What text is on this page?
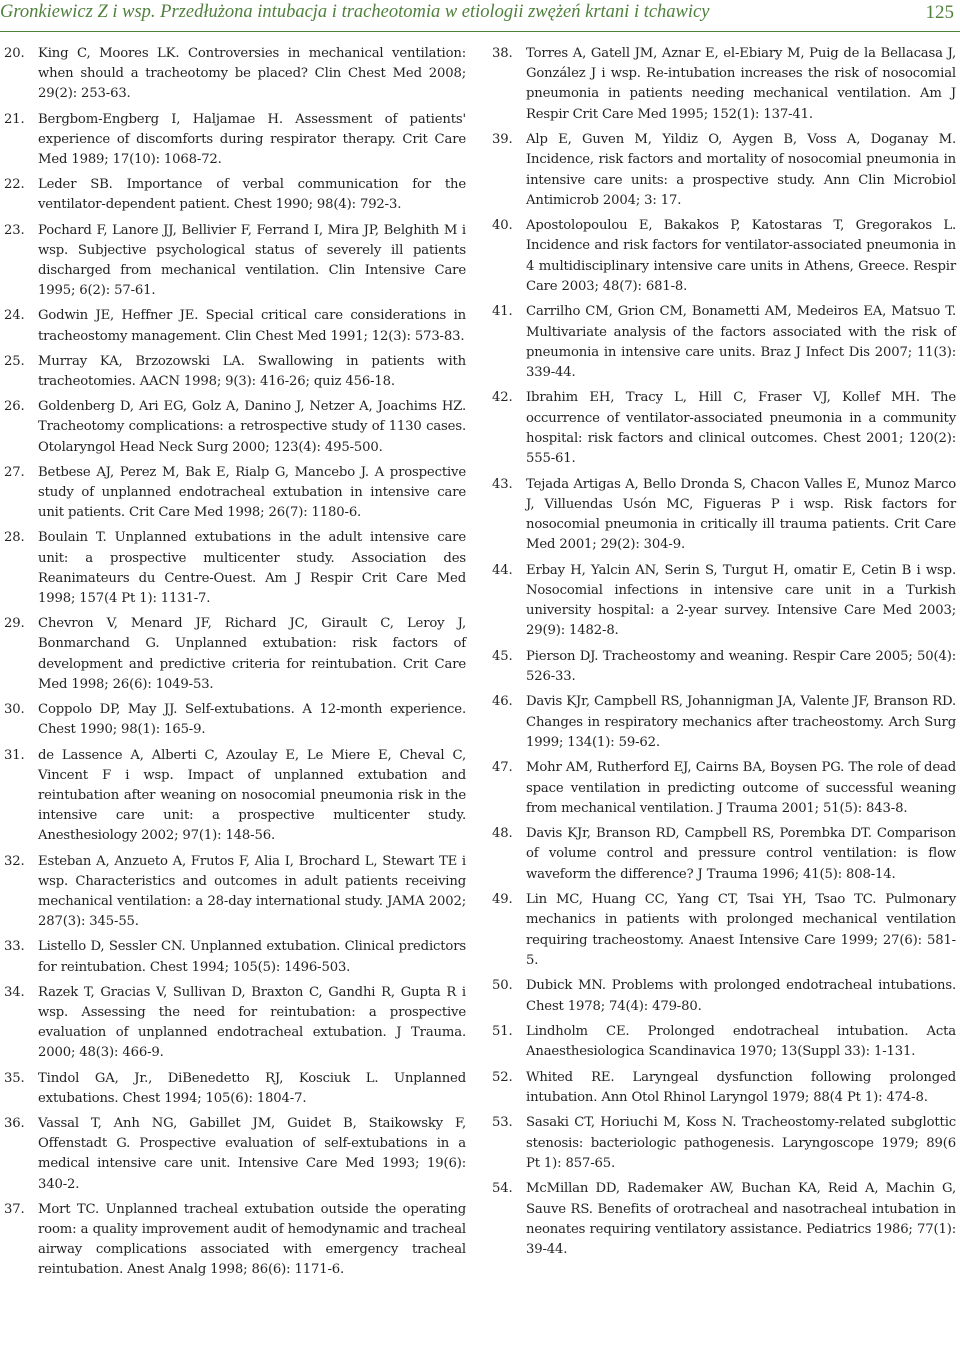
Gronkiewicz Z i wsp. Przedłużona intubacja i tracheotomia w etiologii zwężeń krtani i tchawicy	125

20. King C, Moores LK. Controversies in mechanical ventilation: when should a tracheotomy be placed? Clin Chest Med 2008; 29(2): 253-63.

21. Bergbom-Engberg I, Haljamae H. Assessment of patients' experience of discomforts during respirator therapy. Crit Care Med 1989; 17(10): 1068-72.

22. Leder SB. Importance of verbal communication for the ventilator-dependent patient. Chest 1990; 98(4): 792-3.

23. Pochard F, Lanore JJ, Bellivier F, Ferrand I, Mira JP, Belghith M i wsp. Subjective psychological status of severely ill patients discharged from mechanical ventilation. Clin Intensive Care 1995; 6(2): 57-61.

24. Godwin JE, Heffner JE. Special critical care considerations in tracheostomy management. Clin Chest Med 1991; 12(3): 573-83.

25. Murray KA, Brzozowski LA. Swallowing in patients with tracheotomies. AACN 1998; 9(3): 416-26; quiz 456-18.

26. Goldenberg D, Ari EG, Golz A, Danino J, Netzer A, Joachims HZ. Tracheotomy complications: a retrospective study of 1130 cases. Otolaryngol Head Neck Surg 2000; 123(4): 495-500.

27. Betbese AJ, Perez M, Bak E, Rialp G, Mancebo J. A prospective study of unplanned endotracheal extubation in intensive care unit patients. Crit Care Med 1998; 26(7): 1180-6.

28. Boulain T. Unplanned extubations in the adult intensive care unit: a prospective multicenter study. Association des Reanimateurs du Centre-Ouest. Am J Respir Crit Care Med 1998; 157(4 Pt 1): 1131-7.

29. Chevron V, Menard JF, Richard JC, Girault C, Leroy J, Bonmarchand G. Unplanned extubation: risk factors of development and predictive criteria for reintubation. Crit Care Med 1998; 26(6): 1049-53.

30. Coppolo DP, May JJ. Self-extubations. A 12-month experience. Chest 1990; 98(1): 165-9.

31. de Lassence A, Alberti C, Azoulay E, Le Miere E, Cheval C, Vincent F i wsp. Impact of unplanned extubation and reintubation after weaning on nosocomial pneumonia risk in the intensive care unit: a prospective multicenter study. Anesthesiology 2002; 97(1): 148-56.

32. Esteban A, Anzueto A, Frutos F, Alia I, Brochard L, Stewart TE i wsp. Characteristics and outcomes in adult patients receiving mechanical ventilation: a 28-day international study. JAMA 2002; 287(3): 345-55.

33. Listello D, Sessler CN. Unplanned extubation. Clinical predictors for reintubation. Chest 1994; 105(5): 1496-503.

34. Razek T, Gracias V, Sullivan D, Braxton C, Gandhi R, Gupta R i wsp. Assessing the need for reintubation: a prospective evaluation of unplanned endotracheal extubation. J Trauma. 2000; 48(3): 466-9.

35. Tindol GA, Jr., DiBenedetto RJ, Kosciuk L. Unplanned extubations. Chest 1994; 105(6): 1804-7.

36. Vassal T, Anh NG, Gabillet JM, Guidet B, Staikowsky F, Offenstadt G. Prospective evaluation of self-extubations in a medical intensive care unit. Intensive Care Med 1993; 19(6): 340-2.

37. Mort TC. Unplanned tracheal extubation outside the operating room: a quality improvement audit of hemodynamic and tracheal airway complications associated with emergency tracheal reintubation. Anest Analg 1998; 86(6): 1171-6.

38. Torres A, Gatell JM, Aznar E, el-Ebiary M, Puig de la Bellacasa J, González J i wsp. Re-intubation increases the risk of nosocomial pneumonia in patients needing mechanical ventilation. Am J Respir Crit Care Med 1995; 152(1): 137-41.

39. Alp E, Guven M, Yildiz O, Aygen B, Voss A, Doganay M. Incidence, risk factors and mortality of nosocomial pneumonia in intensive care units: a prospective study. Ann Clin Microbiol Antimicrob 2004; 3: 17.

40. Apostolopoulou E, Bakakos P, Katostaras T, Gregorakos L. Incidence and risk factors for ventilator-associated pneumonia in 4 multidisciplinary intensive care units in Athens, Greece. Respir Care 2003; 48(7): 681-8.

41. Carrilho CM, Grion CM, Bonametti AM, Medeiros EA, Matsuo T. Multivariate analysis of the factors associated with the risk of pneumonia in intensive care units. Braz J Infect Dis 2007; 11(3): 339-44.

42. Ibrahim EH, Tracy L, Hill C, Fraser VJ, Kollef MH. The occurrence of ventilator-associated pneumonia in a community hospital: risk factors and clinical outcomes. Chest 2001; 120(2): 555-61.

43. Tejada Artigas A, Bello Dronda S, Chacon Valles E, Munoz Marco J, Villuendas Usón MC, Figueras P i wsp. Risk factors for nosocomial pneumonia in critically ill trauma patients. Crit Care Med 2001; 29(2): 304-9.

44. Erbay H, Yalcin AN, Serin S, Turgut H, omatir E, Cetin B i wsp. Nosocomial infections in intensive care unit in a Turkish university hospital: a 2-year survey. Intensive Care Med 2003; 29(9): 1482-8.

45. Pierson DJ. Tracheostomy and weaning. Respir Care 2005; 50(4): 526-33.

46. Davis KJr, Campbell RS, Johannigman JA, Valente JF, Branson RD. Changes in respiratory mechanics after tracheostomy. Arch Surg 1999; 134(1): 59-62.

47. Mohr AM, Rutherford EJ, Cairns BA, Boysen PG. The role of dead space ventilation in predicting outcome of successful weaning from mechanical ventilation. J Trauma 2001; 51(5): 843-8.

48. Davis KJr, Branson RD, Campbell RS, Porembka DT. Comparison of volume control and pressure control ventilation: is flow waveform the difference? J Trauma 1996; 41(5): 808-14.

49. Lin MC, Huang CC, Yang CT, Tsai YH, Tsao TC. Pulmonary mechanics in patients with prolonged mechanical ventilation requiring tracheostomy. Anaest Intensive Care 1999; 27(6): 581-5.

50. Dubick MN. Problems with prolonged endotracheal intubations. Chest 1978; 74(4): 479-80.

51. Lindholm CE. Prolonged endotracheal intubation. Acta Anaesthesiologica Scandinavica 1970; 13(Suppl 33): 1-131.

52. Whited RE. Laryngeal dysfunction following prolonged intubation. Ann Otol Rhinol Laryngol 1979; 88(4 Pt 1): 474-8.

53. Sasaki CT, Horiuchi M, Koss N. Tracheostomy-related subglottic stenosis: bacteriologic pathogenesis. Laryngoscope 1979; 89(6 Pt 1): 857-65.

54. McMillan DD, Rademaker AW, Buchan KA, Reid A, Machin G, Sauve RS. Benefits of orotracheal and nasotracheal intubation in neonates requiring ventilatory assistance. Pediatrics 1986; 77(1): 39-44.
